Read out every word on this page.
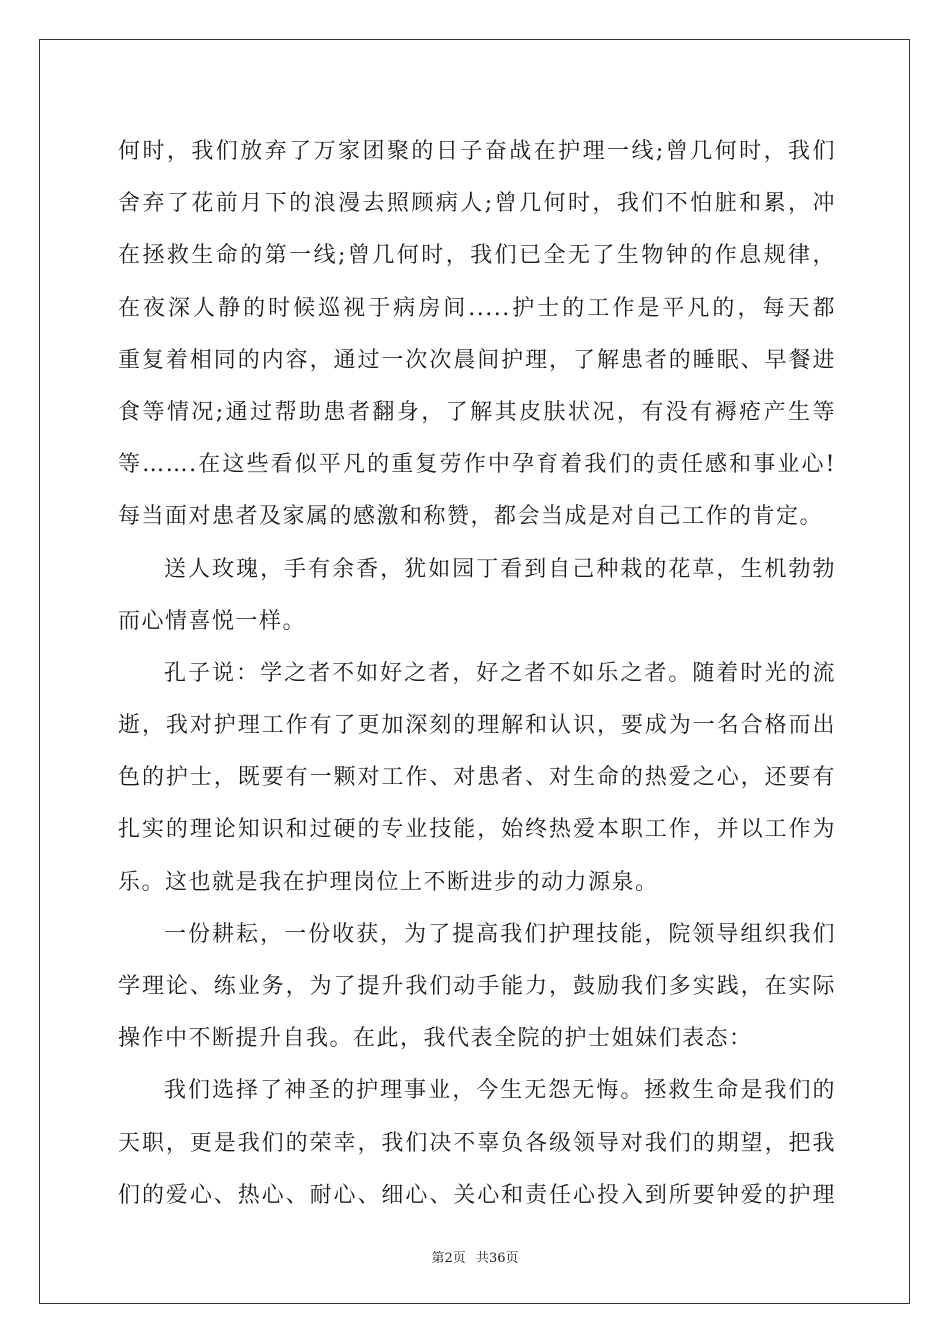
何时，我们放弃了万家团聚的日子奋战在护理一线;曾几何时，我们
舍弃了花前月下的浪漫去照顾病人;曾几何时，我们不怕脏和累，冲
在拯救生命的第一线;曾几何时，我们已全无了生物钟的作息规律，
在夜深人静的时候巡视于病房间.....护士的工作是平凡的，每天都
重复着相同的内容，通过一次次晨间护理，了解患者的睡眠、早餐进
食等情况;通过帮助患者翻身，了解其皮肤状况，有没有褥疮产生等
等…….在这些看似平凡的重复劳作中孕育着我们的责任感和事业心!
每当面对患者及家属的感激和称赞，都会当成是对自己工作的肯定。
送人玫瑰，手有余香，犹如园丁看到自己种栽的花草，生机勃勃
而心情喜悦一样。
孔子说：学之者不如好之者，好之者不如乐之者。随着时光的流
逝，我对护理工作有了更加深刻的理解和认识，要成为一名合格而出
色的护士，既要有一颗对工作、对患者、对生命的热爱之心，还要有
扎实的理论知识和过硬的专业技能，始终热爱本职工作，并以工作为
乐。这也就是我在护理岗位上不断进步的动力源泉。
一份耕耘，一份收获，为了提高我们护理技能，院领导组织我们
学理论、练业务，为了提升我们动手能力，鼓励我们多实践，在实际
操作中不断提升自我。在此，我代表全院的护士姐妹们表态：
我们选择了神圣的护理事业，今生无怨无悔。拯救生命是我们的
天职，更是我们的荣幸，我们决不辜负各级领导对我们的期望，把我
们的爱心、热心、耐心、细心、关心和责任心投入到所要钟爱的护理
第2页 共36页
